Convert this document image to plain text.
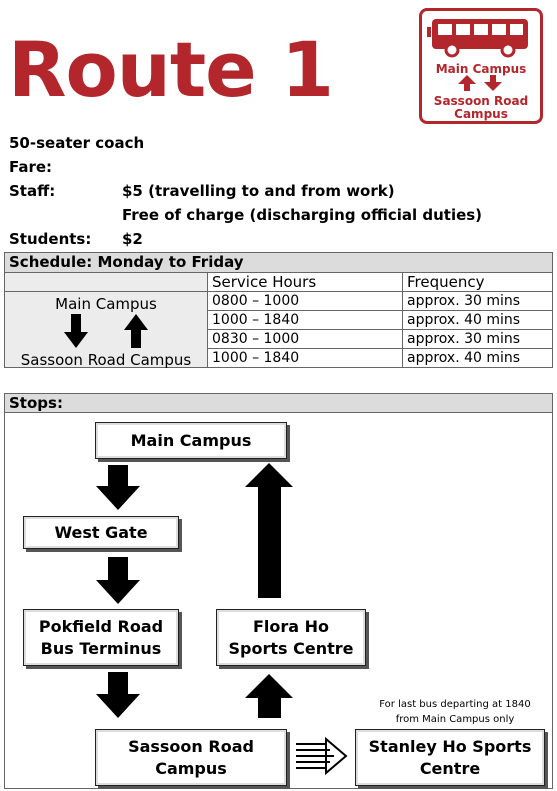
Route 1	Main Campus
Sassoon Road
Campus
50-seater coach
Fare:
Staff:	$5 (travelling to and from work)
Free of charge (discharging official duties)
Students: $2
Schedule: Monday to Friday
	Service Hours	Frequency

Main Campus
Sassoon Road Campus	0800 – 1000	approx. 30 mins
	1000 – 1840	approx. 40 mins
	0830 – 1000	approx. 30 mins
	1000 – 1840	approx. 40 mins
Stops:
Main Campus
West Gate
Pokfield Road
Bus Terminus
Flora Ho
Sports Centre
Sassoon Road
Campus
Stanley Ho Sports
Centre
For last bus departing at 1840
from Main Campus only
